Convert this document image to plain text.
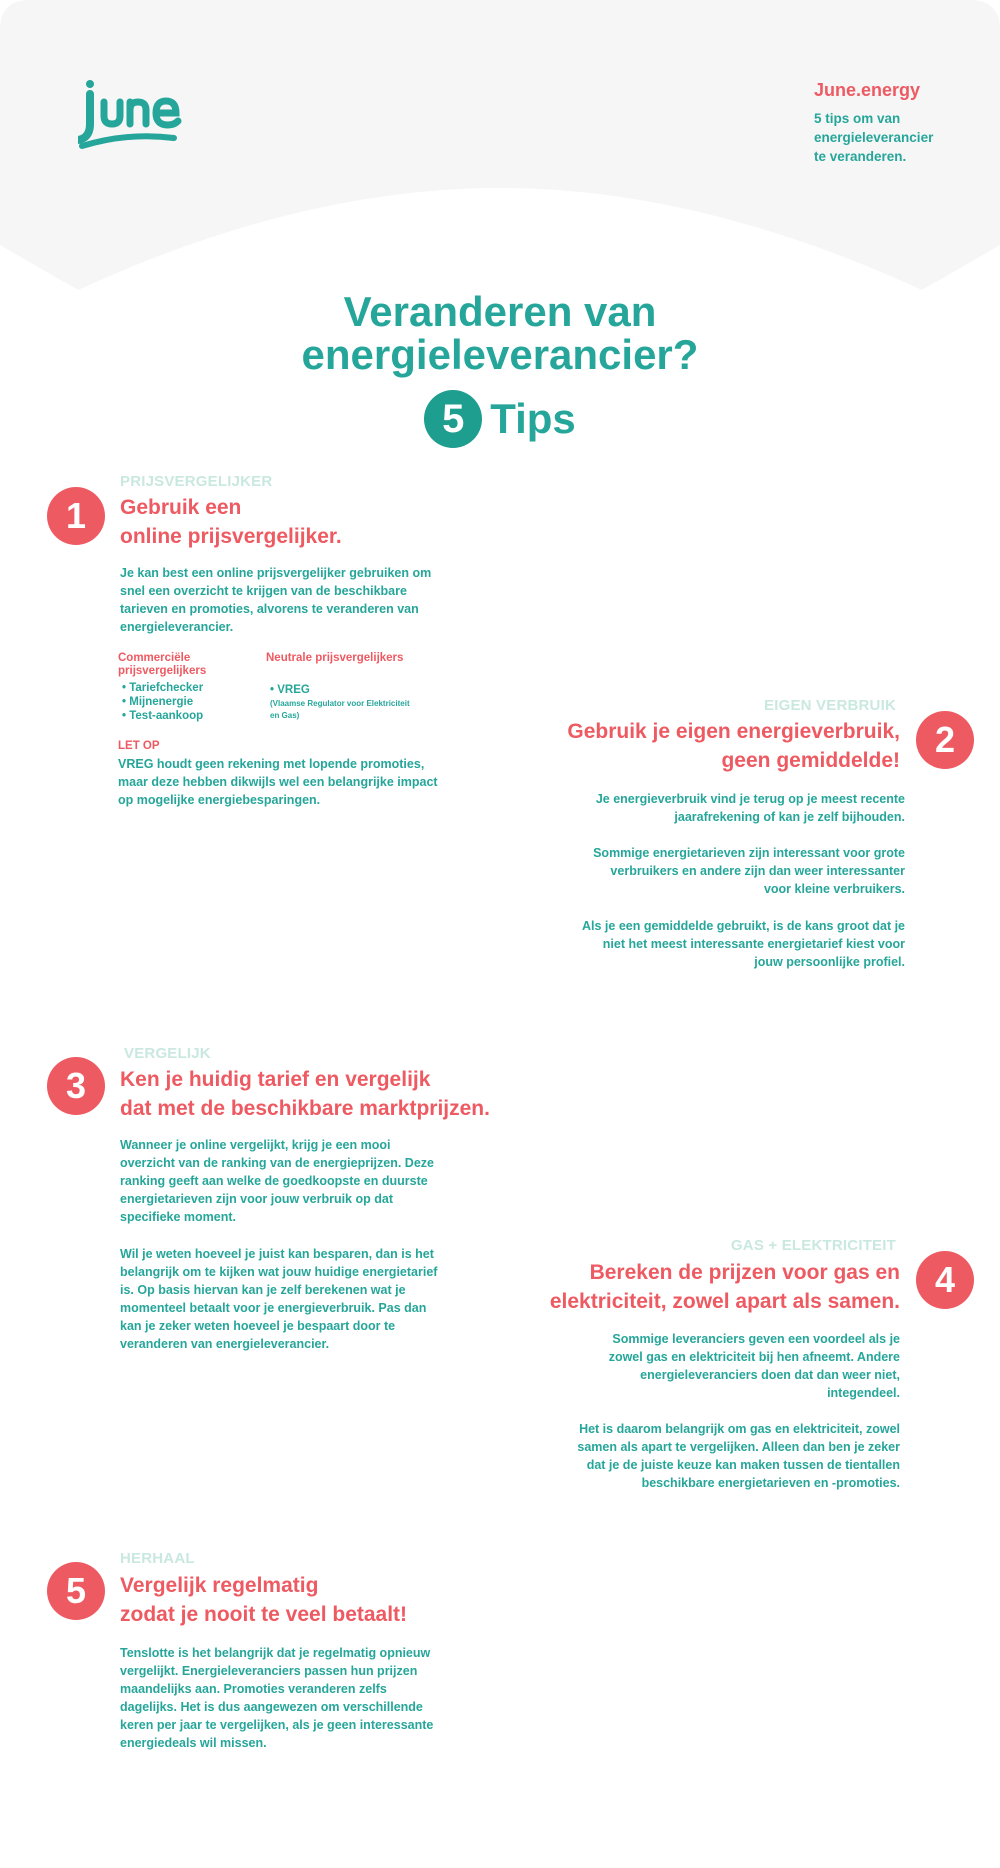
June.energy
5 tips om van energieleverancier te veranderen.
Veranderen van
energieleverancier?
5 Tips
1
PRIJSVERGELIJKER
Gebruik een
online prijsvergelijker.

Je kan best een online prijsvergelijker gebruiken om snel een overzicht te krijgen van de beschikbare tarieven en promoties, alvorens te veranderen van energieleverancier.

Commerciële prijsvergelijkers
• Tariefchecker
• Mijnenergie
• Test-aankoop
Neutrale prijsvergelijkers
• VREG
(Vlaamse Regulator voor Elektriciteit en Gas)
LET OP

VREG houdt geen rekening met lopende promoties, maar deze hebben dikwijls wel een belangrijke impact op mogelijke energiebesparingen.

2
EIGEN VERBRUIK
Gebruik je eigen energieverbruik,
geen gemiddelde!

Je energieverbruik vind je terug op je meest recente jaarafrekening of kan je zelf bijhouden.

Sommige energietarieven zijn interessant voor grote verbruikers en andere zijn dan weer interessanter voor kleine verbruikers.

Als je een gemiddelde gebruikt, is de kans groot dat je niet het meest interessante energietarief kiest voor jouw persoonlijke profiel.

3
VERGELIJK
Ken je huidig tarief en vergelijk
dat met de beschikbare marktprijzen.

Wanneer je online vergelijkt, krijg je een mooi overzicht van de ranking van de energieprijzen. Deze ranking geeft aan welke de goedkoopste en duurste energietarieven zijn voor jouw verbruik op dat specifieke moment.

Wil je weten hoeveel je juist kan besparen, dan is het belangrijk om te kijken wat jouw huidige energietarief is. Op basis hiervan kan je zelf berekenen wat je momenteel betaalt voor je energieverbruik. Pas dan kan je zeker weten hoeveel je bespaart door te veranderen van energieleverancier.

4
GAS + ELEKTRICITEIT
Bereken de prijzen voor gas en
elektriciteit, zowel apart als samen.

Sommige leveranciers geven een voordeel als je zowel gas en elektriciteit bij hen afneemt. Andere energieleveranciers doen dat dan weer niet, integendeel.

Het is daarom belangrijk om gas en elektriciteit, zowel samen als apart te vergelijken. Alleen dan ben je zeker dat je de juiste keuze kan maken tussen de tientallen beschikbare energietarieven en -promoties.

5
HERHAAL
Vergelijk regelmatig
zodat je nooit te veel betaalt!

Tenslotte is het belangrijk dat je regelmatig opnieuw vergelijkt. Energieleveranciers passen hun prijzen maandelijks aan. Promoties veranderen zelfs dagelijks. Het is dus aangewezen om verschillende keren per jaar te vergelijken, als je geen interessante energiedeals wil missen.
